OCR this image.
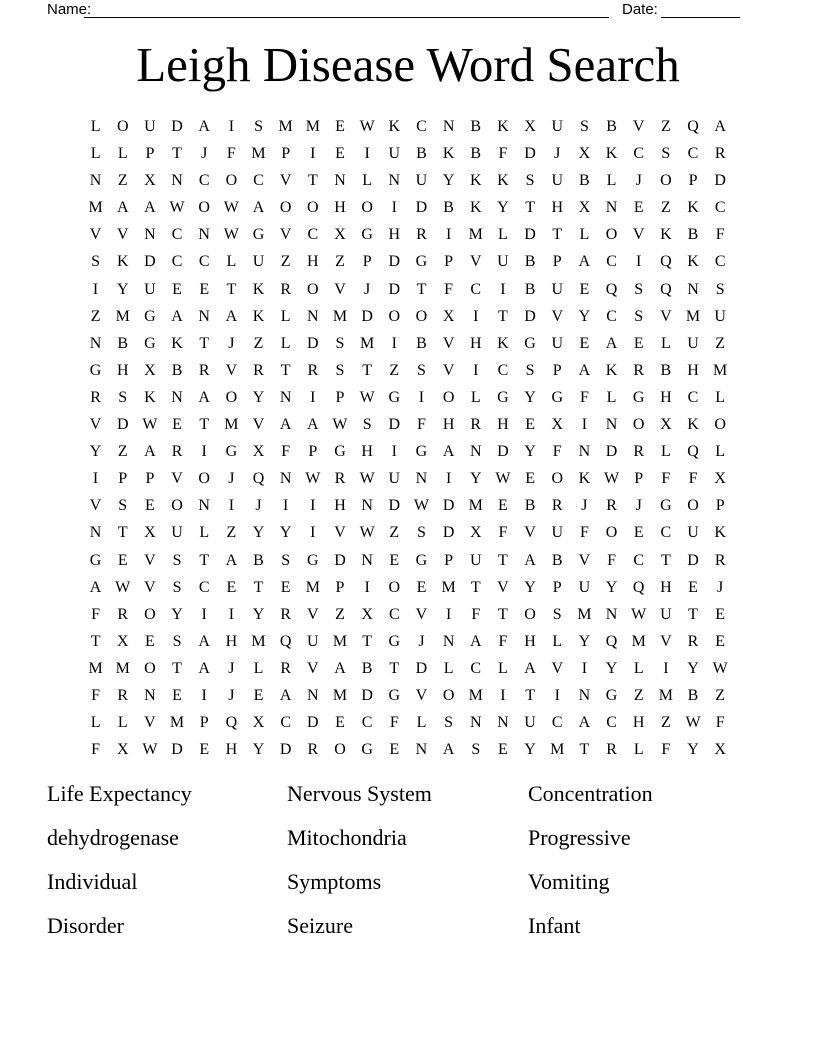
Name:	Date:
Leigh Disease Word Search
L	O U D A	I	S M M E W K	C	N	B	K X U	S	B	V	Z	Q A
L	L	P	T	J	F M P	I	E	I	U	B	K	B	F	D	J	X K	C	S	C	R
N	Z	X N	C	O	C	V	T	N	L	N U Y K K	S	U	B	L	J	O	P	D
M A A W O W A O O H O	I	D	B	K Y	T	H X N	E	Z	K	C
V V N	C	N W G V	C	X G H	R	I	M L	D	T	L	O V K	B	F
S	K D	C	C	L	U	Z	H	Z	P	D G	P	V U	B	P	A	C	I	Q K	C
I	Y U	E	E	T	K	R	O V	J	D	T	F	C	I	B	U	E	Q	S	Q N	S
Z M G A N A K	L	N M D O O X	I	T	D V Y	C	S	V M U
N	B	G K	T	J	Z	L	D	S M	I	B	V H K G U	E	A	E	L	U	Z
G H X	B	R	V	R	T	R	S	T	Z	S	V	I	C	S	P	A K	R	B	H M
R	S	K N A O Y N	I	P W G	I	O	L	G Y G	F	L	G H	C	L
V D W E	T M V A A W S	D	F	H	R	H	E	X	I	N O X K O
Y	Z	A	R	I	G X	F	P	G H	I	G A N D Y	F	N D	R	L	Q	L
I	P	P	V O	J	Q N W R W U N	I	Y W E	O K W P	F	F	X
V	S	E	O N	I	J	I	I	H N D W D M E	B	R	J	R	J	G O	P
N	T	X U	L	Z	Y Y	I	V W Z	S	D X	F	V U	F	O	E	C	U K
G	E	V	S	T	A	B	S	G D N	E	G	P	U	T	A	B	V	F	C	T	D	R
A W V	S	C	E	T	E M P	I	O	E M T	V Y	P	U Y Q H	E	J
F	R	O Y	I	I	Y	R	V	Z	X	C	V	I	F	T	O	S M N W U	T	E
T	X	E	S	A H M Q U M T	G	J	N A	F	H	L	Y Q M V	R	E
M M O	T	A	J	L	R	V A	B	T	D	L	C	L	A V	I	Y	L	I	Y W
F	R	N	E	I	J	E	A N M D G V O M	I	T	I	N G	Z M B	Z
L	L	V M P	Q X	C	D	E	C	F	L	S	N N U	C	A	C	H	Z W F
F	X W D	E	H Y D	R	O G	E	N A	S	E	Y M T	R	L	F	Y X
Life Expectancy	Nervous System	Concentration
dehydrogenase	Mitochondria	Progressive
Individual	Symptoms	Vomiting
Disorder	Seizure	Infant
